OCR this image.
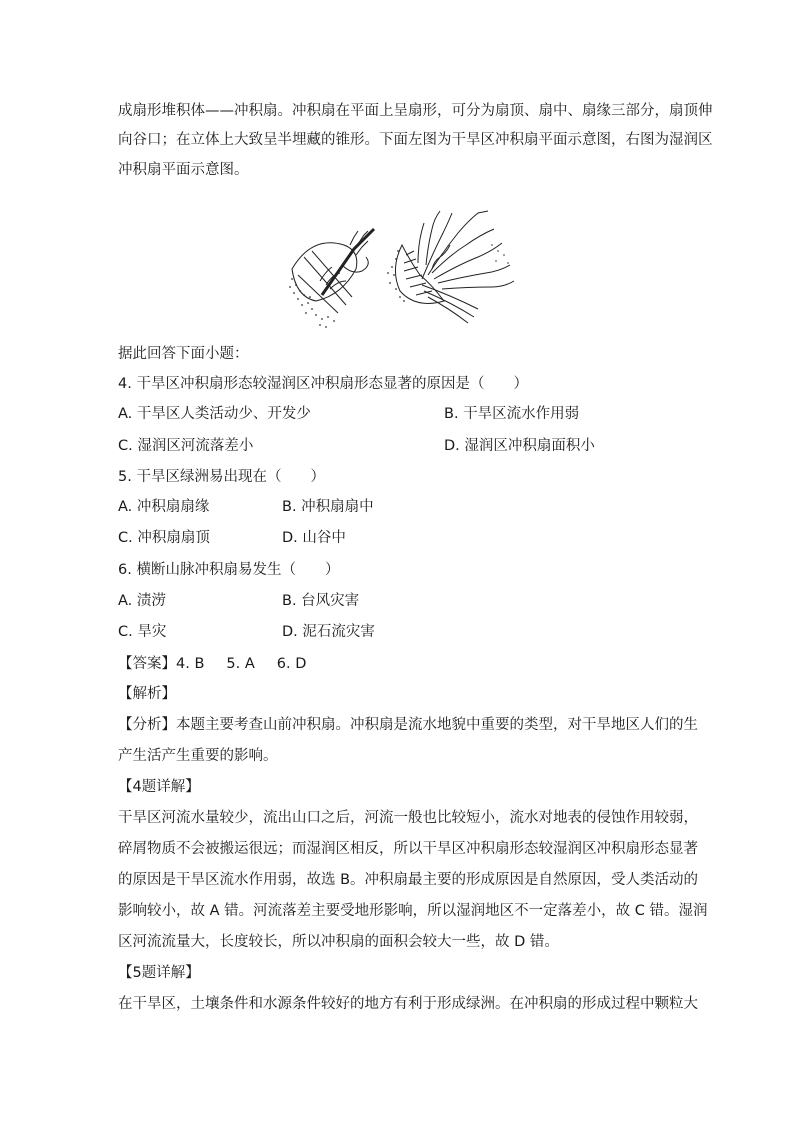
成扇形堆积体——冲积扇。冲积扇在平面上呈扇形，可分为扇顶、扇中、扇缘三部分，扇顶伸
向谷口；在立体上大致呈半埋藏的锥形。下面左图为干旱区冲积扇平面示意图，右图为湿润区
冲积扇平面示意图。
据此回答下面小题：
4. 干旱区冲积扇形态较湿润区冲积扇形态显著的原因是（　　）
A. 干旱区人类活动少、开发少	B. 干旱区流水作用弱
C. 湿润区河流落差小	D. 湿润区冲积扇面积小
5. 干旱区绿洲易出现在（　　）
A. 冲积扇扇缘	B. 冲积扇扇中
C. 冲积扇扇顶	D. 山谷中
6. 横断山脉冲积扇易发生（　　）
A. 渍涝	B. 台风灾害
C. 旱灾	D. 泥石流灾害
【答案】4. B 5. A 6. D
【解析】
【分析】本题主要考查山前冲积扇。冲积扇是流水地貌中重要的类型，对干旱地区人们的生
产生活产生重要的影响。
【4题详解】
干旱区河流水量较少，流出山口之后，河流一般也比较短小，流水对地表的侵蚀作用较弱，
碎屑物质不会被搬运很远；而湿润区相反，所以干旱区冲积扇形态较湿润区冲积扇形态显著
的原因是干旱区流水作用弱，故选 B。冲积扇最主要的形成原因是自然原因，受人类活动的
影响较小，故 A 错。河流落差主要受地形影响，所以湿润地区不一定落差小，故 C 错。湿润
区河流流量大，长度较长，所以冲积扇的面积会较大一些，故 D 错。
【5题详解】
在干旱区，土壤条件和水源条件较好的地方有利于形成绿洲。在冲积扇的形成过程中颗粒大
